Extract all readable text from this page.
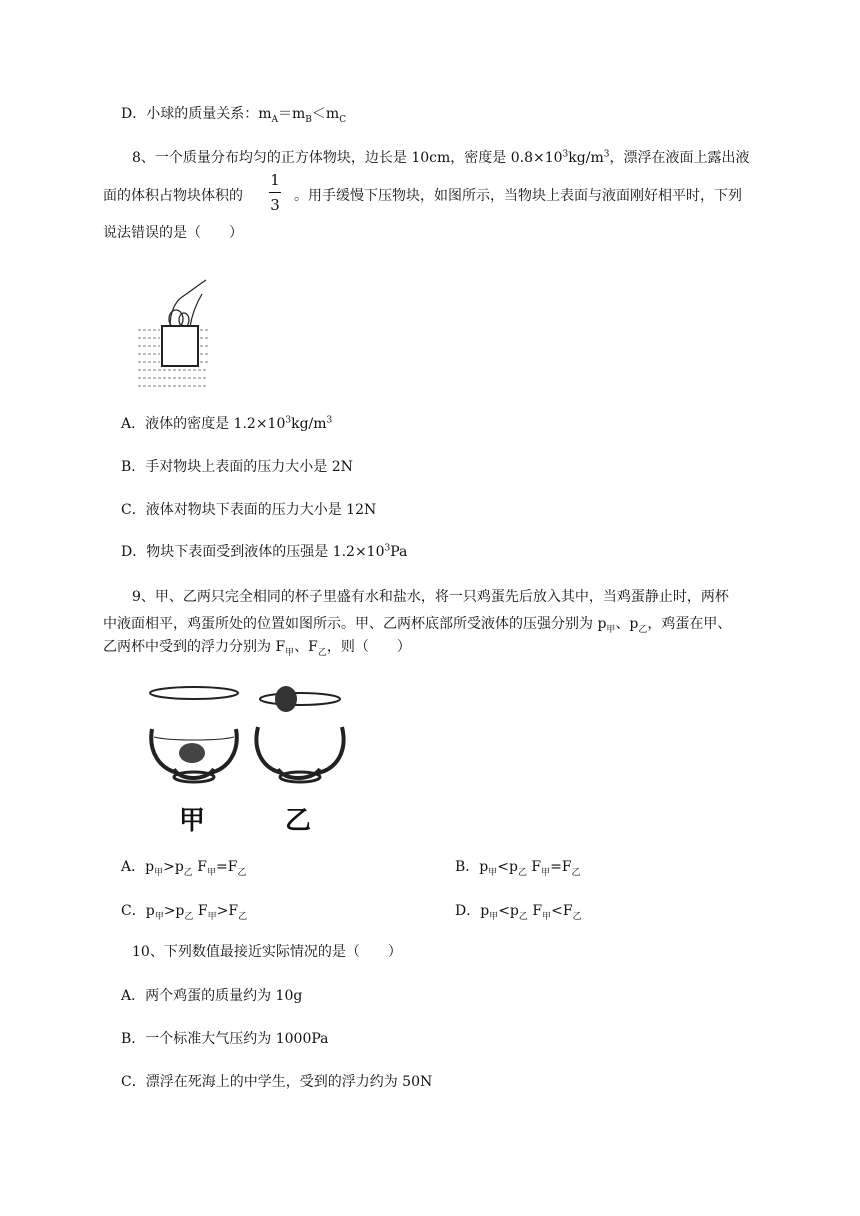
D．小球的质量关系：$m_A=m_B<m_C$
8、一个质量分布均匀的正方体物块，边长是 10cm，密度是 $0.8\times 10^3kg/m^3$，漂浮在液面上露出液
面的体积占物块体积的
1
3 。用手缓慢下压物块，如图所示，当物块上表面与液面刚好相平时，下列
说法错误的是（　　）
A．液体的密度是 $1.2\times 10^3kg/m^3$
B．手对物块上表面的压力大小是 2N
C．液体对物块下表面的压力大小是 12N
D．物块下表面受到液体的压强是 $1.2\times 10^3Pa$
9、甲、乙两只完全相同的杯子里盛有水和盐水，将一只鸡蛋先后放入其中，当鸡蛋静止时，两杯
中液面相平，鸡蛋所处的位置如图所示。甲、乙两杯底部所受液体的压强分别为 $p_甲$、$p_乙$，鸡蛋在甲、
乙两杯中受到的浮力分别为 $F_甲$、$F_乙$，则（　　）
甲	乙
A．$p_甲>p_乙$ $F_甲=F_乙$	B．$p_甲<p_乙$ $F_甲=F_乙$
C．$p_甲>p_乙$ $F_甲>F_乙$	D．$p_甲<p_乙$ $F_甲<F_乙$
10、下列数值最接近实际情况的是（　　）
A．两个鸡蛋的质量约为 10g
B．一个标准大气压约为 1000Pa
C．漂浮在死海上的中学生，受到的浮力约为 50N
